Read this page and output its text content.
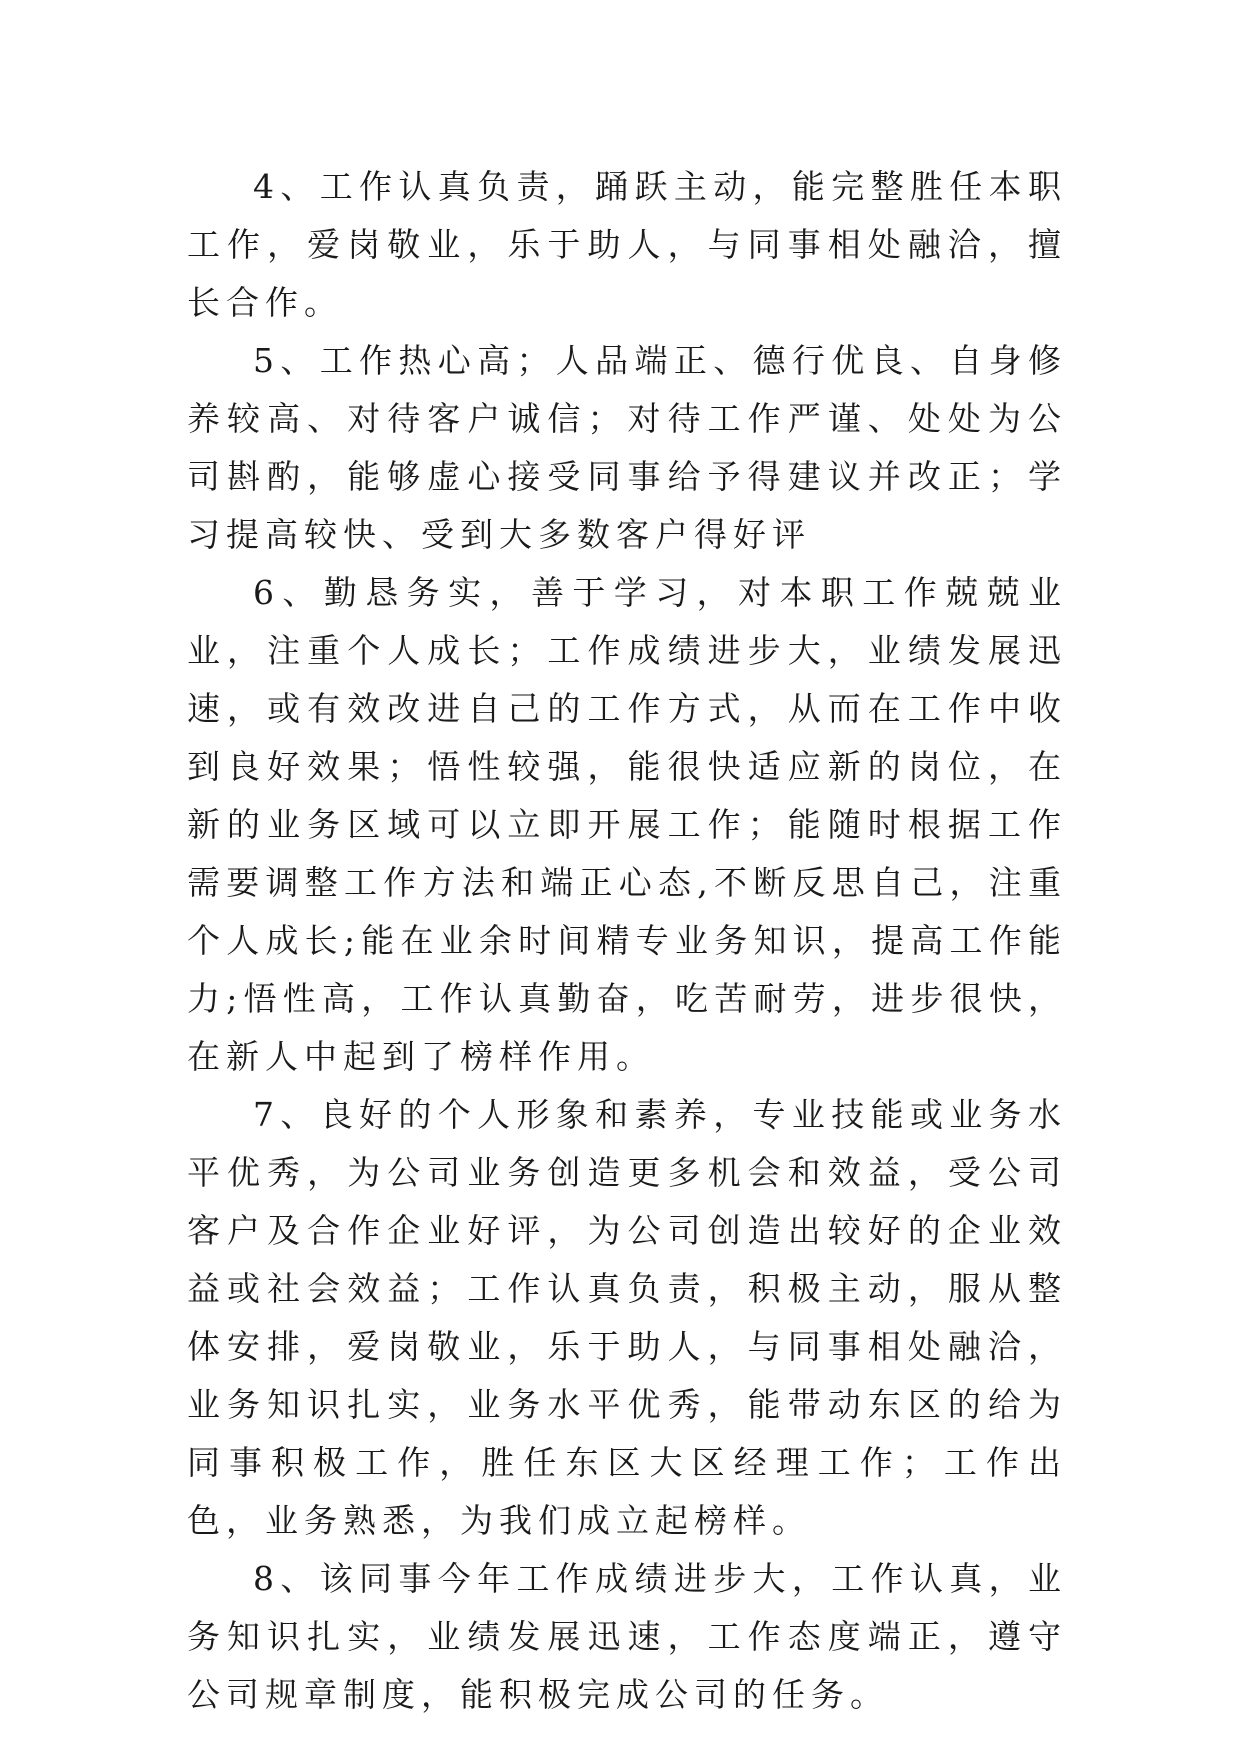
4、工作认真负责，踊跃主动，能完整胜任本职工作，爱岗敬业，乐于助人，与同事相处融洽，擅长合作。

5、工作热心高；人品端正、德行优良、自身修养较高、对待客户诚信；对待工作严谨、处处为公司斟酌，能够虚心接受同事给予得建议并改正；学习提高较快、受到大多数客户得好评

6、勤恳务实，善于学习，对本职工作兢兢业业，注重个人成长；工作成绩进步大，业绩发展迅速，或有效改进自己的工作方式，从而在工作中收到良好效果；悟性较强，能很快适应新的岗位，在新的业务区域可以立即开展工作；能随时根据工作需要调整工作方法和端正心态,不断反思自己，注重个人成长;能在业余时间精专业务知识，提高工作能力;悟性高，工作认真勤奋，吃苦耐劳，进步很快，在新人中起到了榜样作用。

7、良好的个人形象和素养，专业技能或业务水平优秀，为公司业务创造更多机会和效益，受公司客户及合作企业好评，为公司创造出较好的企业效益或社会效益；工作认真负责，积极主动，服从整体安排，爱岗敬业，乐于助人，与同事相处融洽，业务知识扎实，业务水平优秀，能带动东区的给为同事积极工作，胜任东区大区经理工作；工作出色，业务熟悉，为我们成立起榜样。

8、该同事今年工作成绩进步大，工作认真，业务知识扎实，业绩发展迅速，工作态度端正，遵守公司规章制度，能积极完成公司的任务。
